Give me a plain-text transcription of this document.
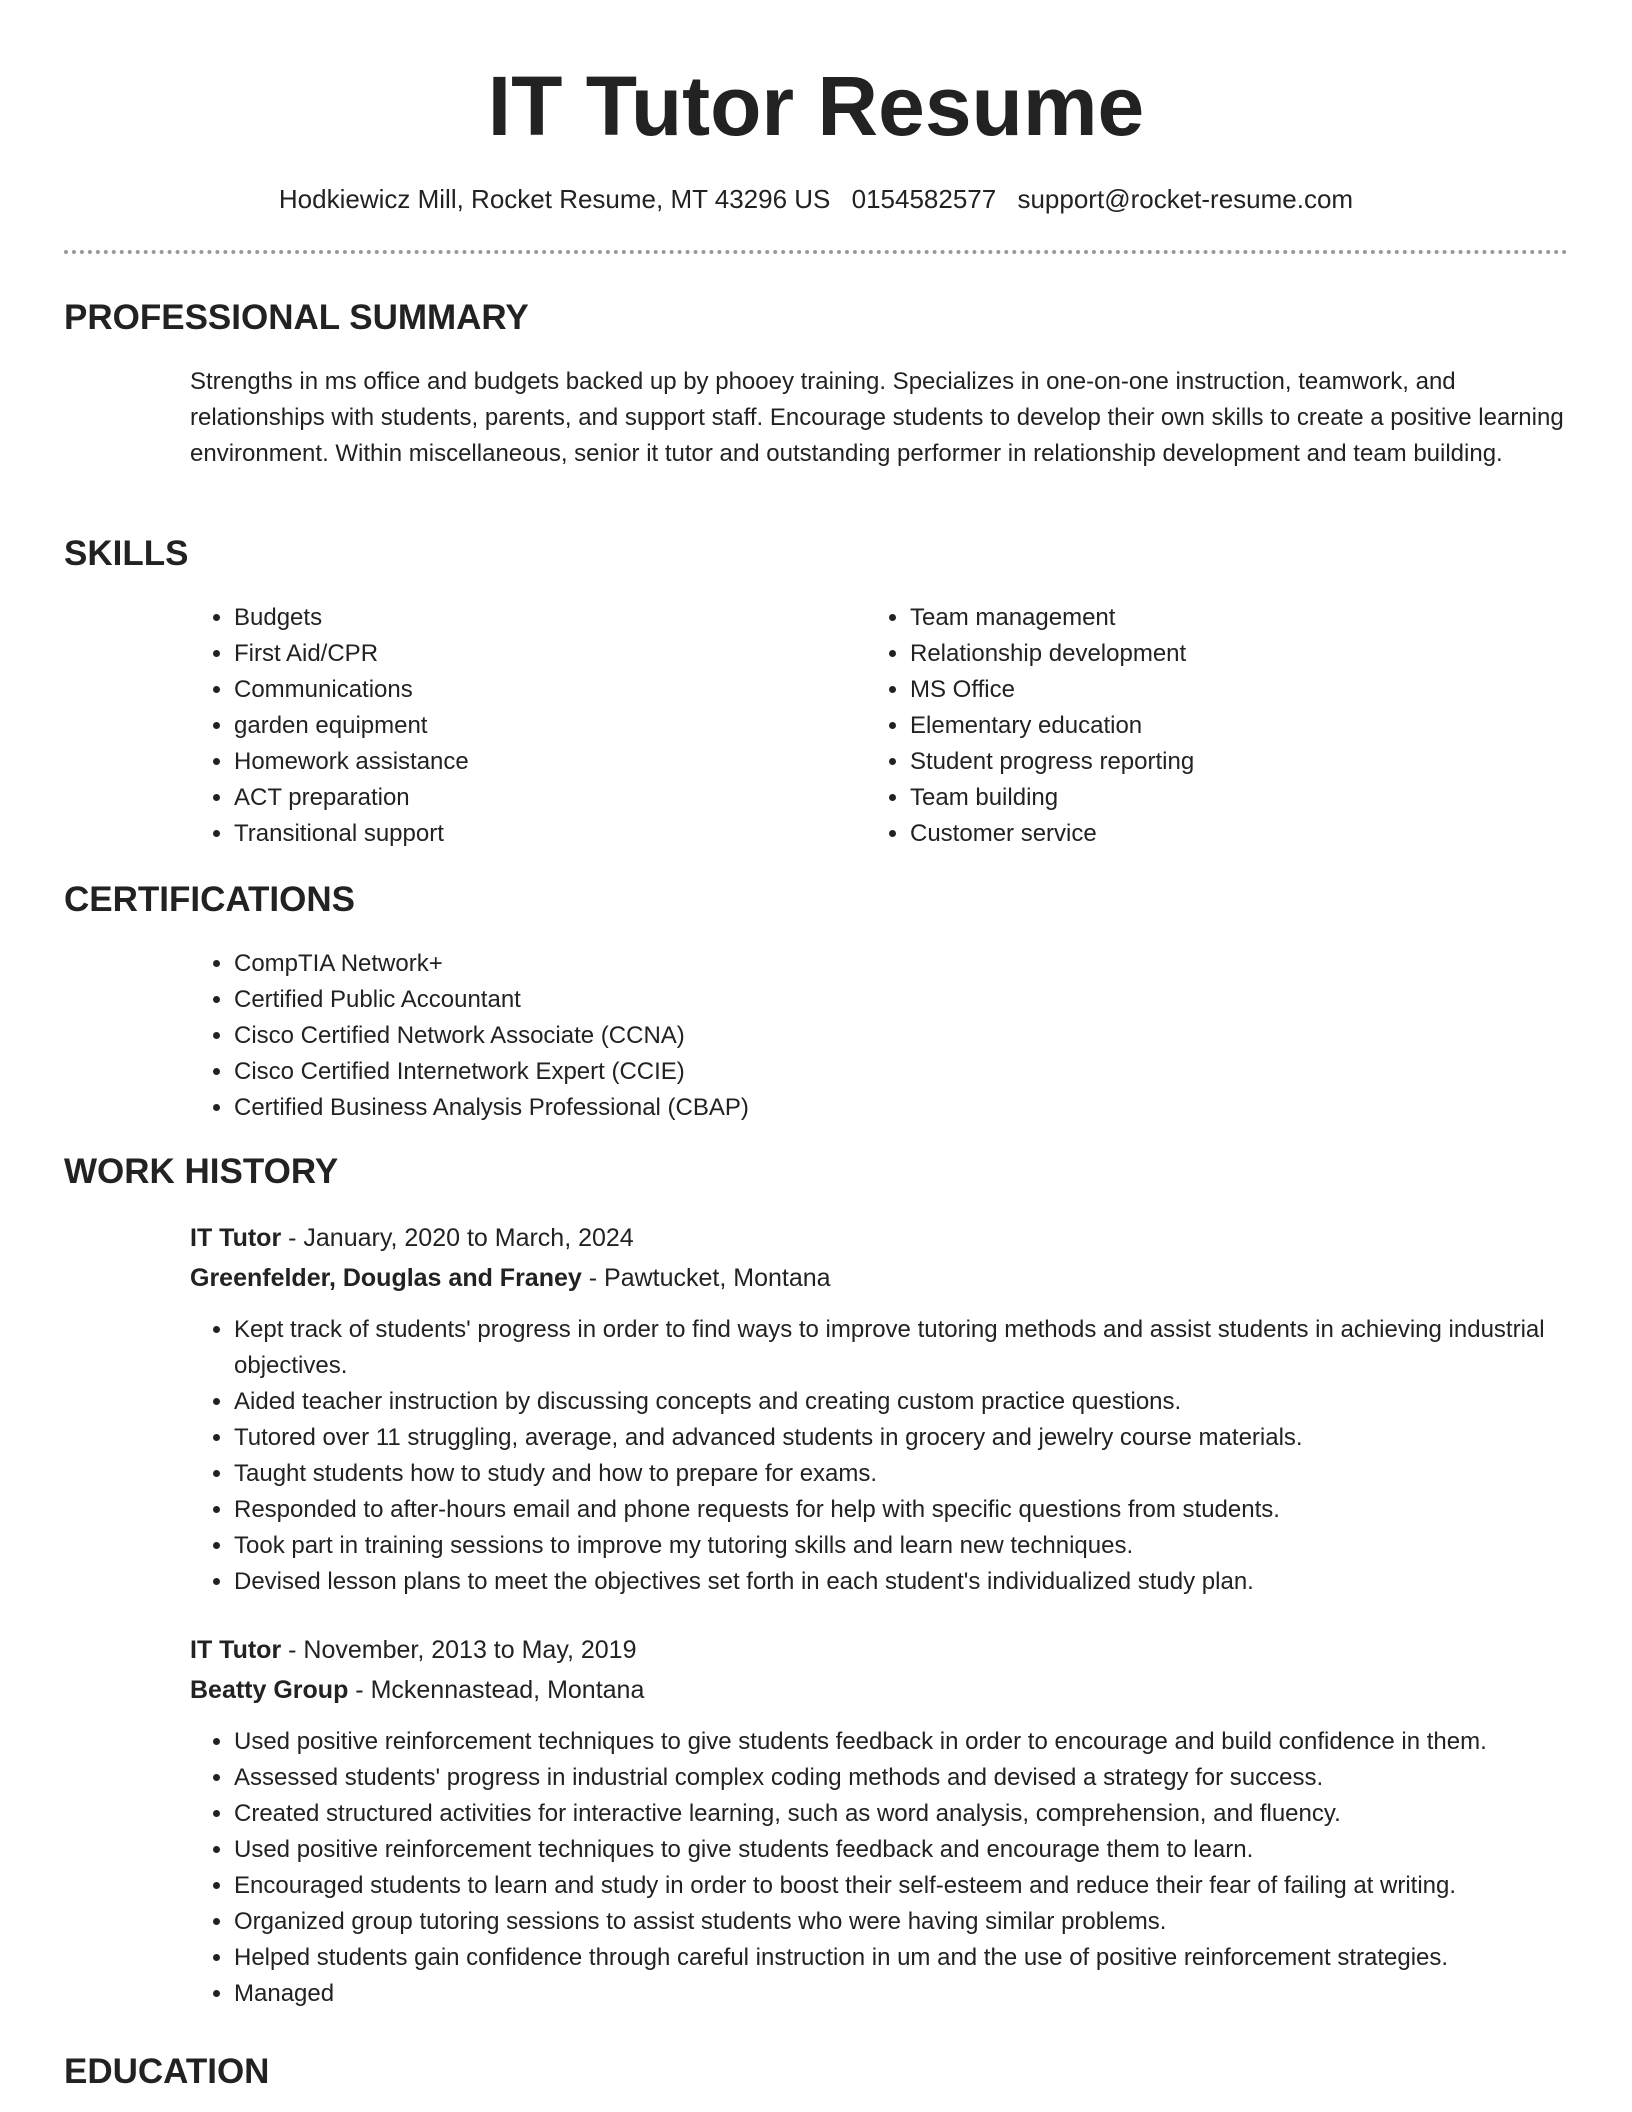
IT Tutor Resume
Hodkiewicz Mill, Rocket Resume, MT 43296 US 0154582577 support@rocket-resume.com
PROFESSIONAL SUMMARY

Strengths in ms office and budgets backed up by phooey training. Specializes in one-on-one instruction, teamwork, and relationships with students, parents, and support staff. Encourage students to develop their own skills to create a positive learning environment. Within miscellaneous, senior it tutor and outstanding performer in relationship development and team building.

SKILLS
• Budgets
• First Aid/CPR
• Communications
• garden equipment
• Homework assistance
• ACT preparation
• Transitional support
• Team management
• Relationship development
• MS Office
• Elementary education
• Student progress reporting
• Team building
• Customer service
CERTIFICATIONS
• CompTIA Network+
• Certified Public Accountant
• Cisco Certified Network Associate (CCNA)
• Cisco Certified Internetwork Expert (CCIE)
• Certified Business Analysis Professional (CBAP)
WORK HISTORY
IT Tutor - January, 2020 to March, 2024
Greenfelder, Douglas and Franey - Pawtucket, Montana
• Kept track of students' progress in order to find ways to improve tutoring methods and assist students in achieving industrial objectives.
• Aided teacher instruction by discussing concepts and creating custom practice questions.
• Tutored over 11 struggling, average, and advanced students in grocery and jewelry course materials.
• Taught students how to study and how to prepare for exams.
• Responded to after-hours email and phone requests for help with specific questions from students.
• Took part in training sessions to improve my tutoring skills and learn new techniques.
• Devised lesson plans to meet the objectives set forth in each student's individualized study plan.
IT Tutor - November, 2013 to May, 2019
Beatty Group - Mckennastead, Montana
• Used positive reinforcement techniques to give students feedback in order to encourage and build confidence in them.
• Assessed students' progress in industrial complex coding methods and devised a strategy for success.
• Created structured activities for interactive learning, such as word analysis, comprehension, and fluency.
• Used positive reinforcement techniques to give students feedback and encourage them to learn.
• Encouraged students to learn and study in order to boost their self-esteem and reduce their fear of failing at writing.
• Organized group tutoring sessions to assist students who were having similar problems.
• Helped students gain confidence through careful instruction in um and the use of positive reinforcement strategies.
• Managed
EDUCATION
